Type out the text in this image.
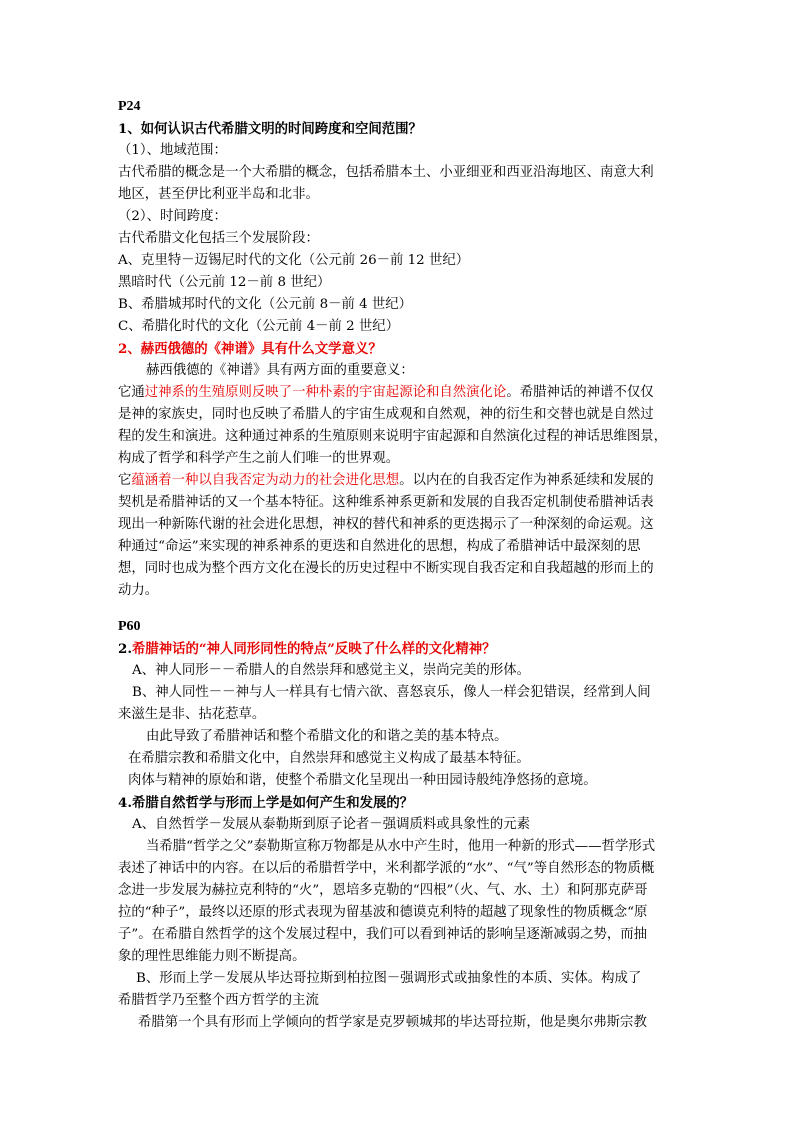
P24
1、如何认识古代希腊文明的时间跨度和空间范围？
（1）、地域范围：
古代希腊的概念是一个大希腊的概念，包括希腊本土、小亚细亚和西亚沿海地区、南意大利
地区，甚至伊比利亚半岛和北非。
（2）、时间跨度：
古代希腊文化包括三个发展阶段：
A、克里特－迈锡尼时代的文化（公元前 26－前 12 世纪）
黑暗时代（公元前 12－前 8 世纪）
B、希腊城邦时代的文化（公元前 8－前 4 世纪）
C、希腊化时代的文化（公元前 4－前 2 世纪）
2、赫西俄德的《神谱》具有什么文学意义？
赫西俄德的《神谱》具有两方面的重要意义：
它通过神系的生殖原则反映了一种朴素的宇宙起源论和自然演化论。希腊神话的神谱不仅仅
是神的家族史，同时也反映了希腊人的宇宙生成观和自然观，神的衍生和交替也就是自然过
程的发生和演进。这种通过神系的生殖原则来说明宇宙起源和自然演化过程的神话思维图景，
构成了哲学和科学产生之前人们唯一的世界观。
它蕴涵着一种以自我否定为动力的社会进化思想。以内在的自我否定作为神系延续和发展的
契机是希腊神话的又一个基本特征。这种维系神系更新和发展的自我否定机制使希腊神话表
现出一种新陈代谢的社会进化思想，神权的替代和神系的更迭揭示了一种深刻的命运观。这
种通过“命运”来实现的神系神系的更迭和自然进化的思想，构成了希腊神话中最深刻的思
想，同时也成为整个西方文化在漫长的历史过程中不断实现自我否定和自我超越的形而上的
动力。
P60
2.希腊神话的“神人同形同性的特点”反映了什么样的文化精神？
A、神人同形－－希腊人的自然崇拜和感觉主义，崇尚完美的形体。
B、神人同性－－神与人一样具有七情六欲、喜怒哀乐，像人一样会犯错误，经常到人间
来滋生是非、拈花惹草。
由此导致了希腊神话和整个希腊文化的和谐之美的基本特点。
在希腊宗教和希腊文化中，自然崇拜和感觉主义构成了最基本特征。
肉体与精神的原始和谐，使整个希腊文化呈现出一种田园诗般纯净悠扬的意境。
4.希腊自然哲学与形而上学是如何产生和发展的？
A、自然哲学－发展从泰勒斯到原子论者－强调质料或具象性的元素
当希腊“哲学之父”泰勒斯宣称万物都是从水中产生时，他用一种新的形式——哲学形式
表述了神话中的内容。在以后的希腊哲学中，米利都学派的“水”、“气”等自然形态的物质概
念进一步发展为赫拉克利特的“火”，恩培多克勒的“四根”（火、气、水、土）和阿那克萨哥
拉的“种子”，最终以还原的形式表现为留基波和德谟克利特的超越了现象性的物质概念“原
子”。在希腊自然哲学的这个发展过程中，我们可以看到神话的影响呈逐渐减弱之势，而抽
象的理性思维能力则不断提高。
B、形而上学－发展从毕达哥拉斯到柏拉图－强调形式或抽象性的本质、实体。构成了
希腊哲学乃至整个西方哲学的主流
希腊第一个具有形而上学倾向的哲学家是克罗顿城邦的毕达哥拉斯，他是奥尔弗斯宗教
